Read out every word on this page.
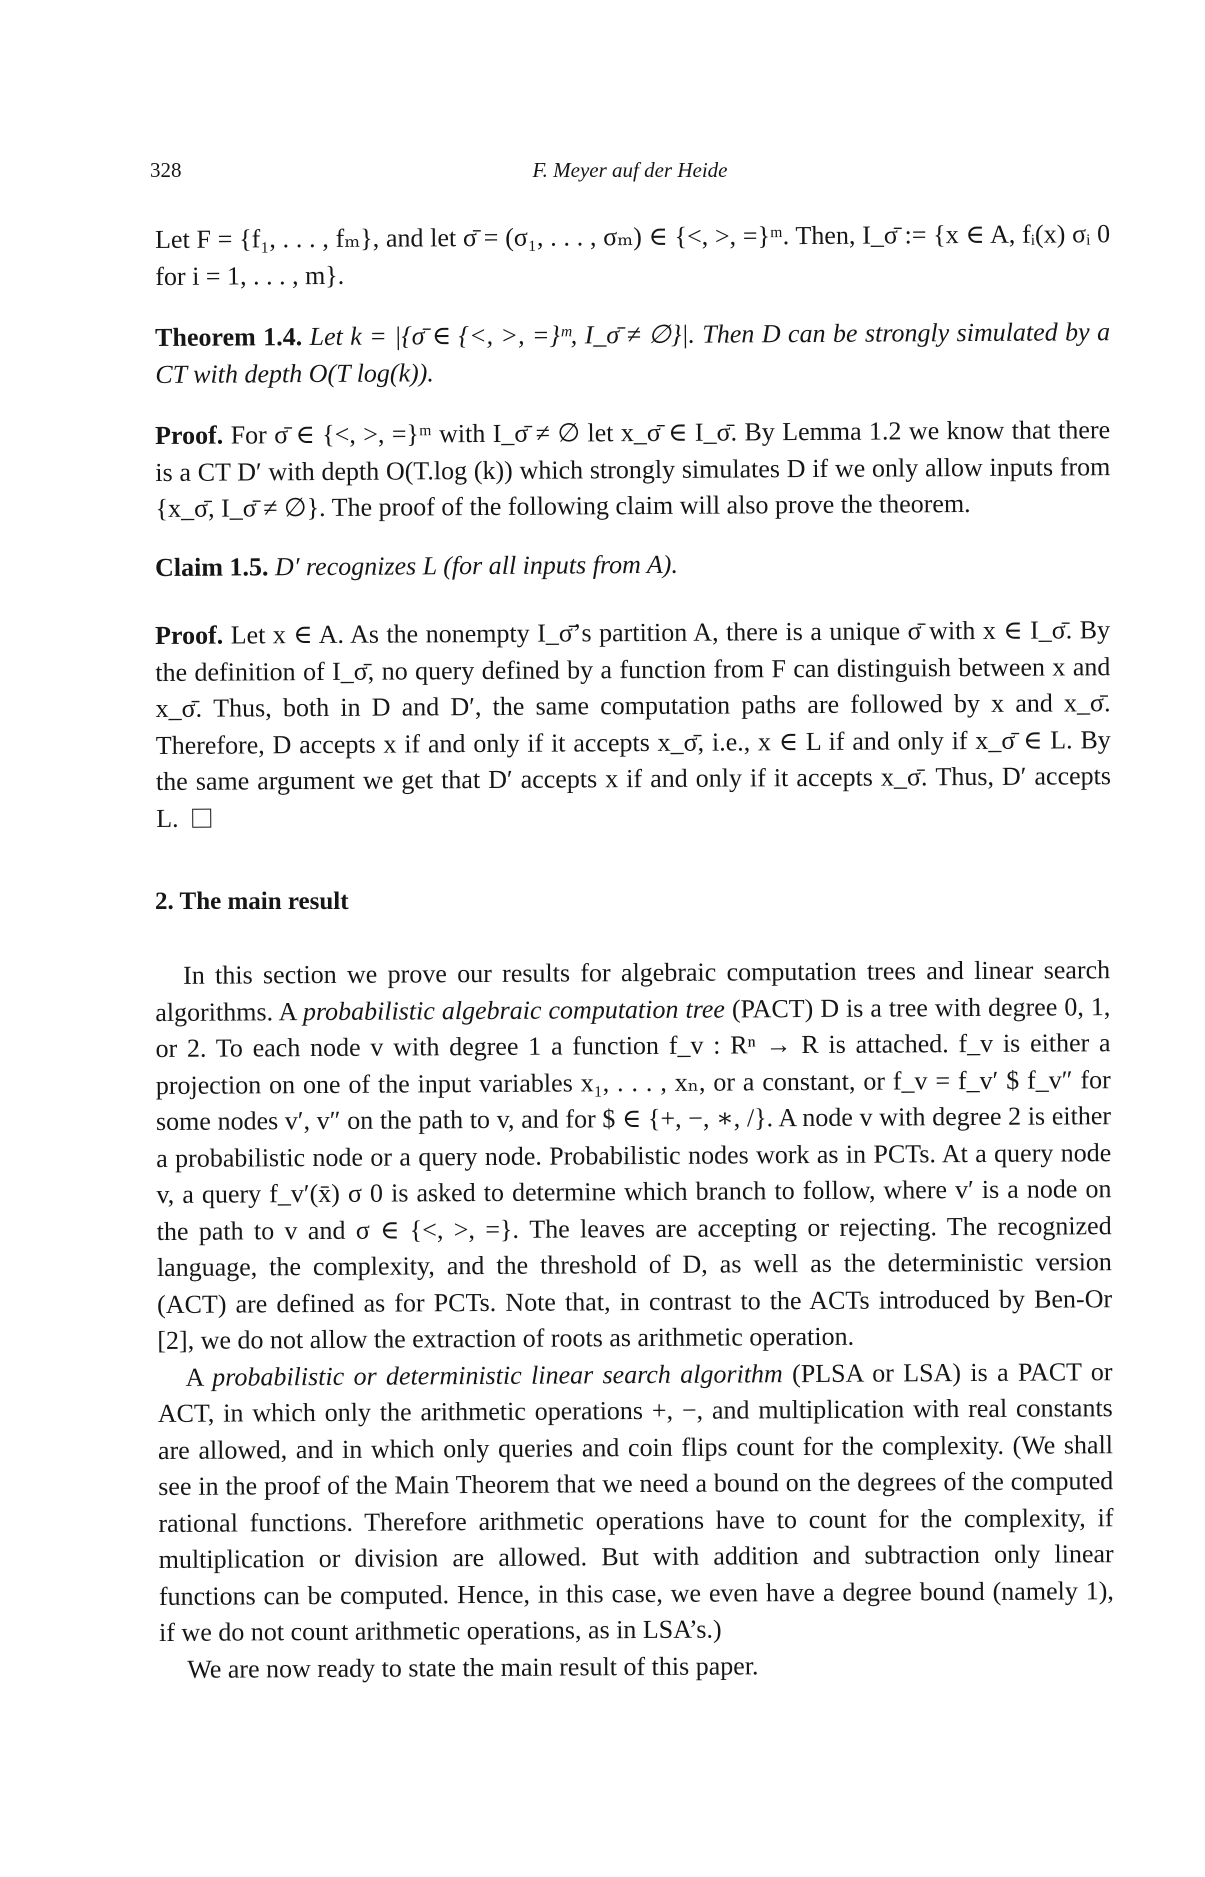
328	F. Meyer auf der Heide

Let F = {f₁, . . . , fₘ}, and let σ̄ = (σ₁, . . . , σₘ) ∈ {<, >, =}ᵐ. Then, I_σ̄ := {x ∈ A, fᵢ(x) σᵢ 0 for i = 1, . . . , m}.

Theorem 1.4. Let k = |{σ̄ ∈ {<, >, =}ᵐ, I_σ̄ ≠ ∅}|. Then D can be strongly simulated by a CT with depth O(T log(k)).

Proof. For σ̄ ∈ {<, >, =}ᵐ with I_σ̄ ≠ ∅ let x_σ̄ ∈ I_σ̄. By Lemma 1.2 we know that there is a CT D′ with depth O(T.log (k)) which strongly simulates D if we only allow inputs from {x_σ̄, I_σ̄ ≠ ∅}. The proof of the following claim will also prove the theorem.

Claim 1.5. D′ recognizes L (for all inputs from A).

Proof. Let x ∈ A. As the nonempty I_σ̄’s partition A, there is a unique σ̄ with x ∈ I_σ̄. By the definition of I_σ̄, no query defined by a function from F can distinguish between x and x_σ̄. Thus, both in D and D′, the same computation paths are followed by x and x_σ̄. Therefore, D accepts x if and only if it accepts x_σ̄, i.e., x ∈ L if and only if x_σ̄ ∈ L. By the same argument we get that D′ accepts x if and only if it accepts x_σ̄. Thus, D′ accepts L.

2. The main result

In this section we prove our results for algebraic computation trees and linear search algorithms. A probabilistic algebraic computation tree (PACT) D is a tree with degree 0, 1, or 2. To each node v with degree 1 a function f_v : Rⁿ → R is attached. f_v is either a projection on one of the input variables x₁, . . . , xₙ, or a constant, or f_v = f_v′ $ f_v″ for some nodes v′, v″ on the path to v, and for $ ∈ {+, −, ∗, /}. A node v with degree 2 is either a probabilistic node or a query node. Probabilistic nodes work as in PCTs. At a query node v, a query f_v′(x̄) σ 0 is asked to determine which branch to follow, where v′ is a node on the path to v and σ ∈ {<, >, =}. The leaves are accepting or rejecting. The recognized language, the complexity, and the threshold of D, as well as the deterministic version (ACT) are defined as for PCTs. Note that, in contrast to the ACTs introduced by Ben-Or [2], we do not allow the extraction of roots as arithmetic operation.

A probabilistic or deterministic linear search algorithm (PLSA or LSA) is a PACT or ACT, in which only the arithmetic operations +, −, and multiplication with real constants are allowed, and in which only queries and coin flips count for the complexity. (We shall see in the proof of the Main Theorem that we need a bound on the degrees of the computed rational functions. Therefore arithmetic operations have to count for the complexity, if multiplication or division are allowed. But with addition and subtraction only linear functions can be computed. Hence, in this case, we even have a degree bound (namely 1), if we do not count arithmetic operations, as in LSA’s.)

We are now ready to state the main result of this paper.
